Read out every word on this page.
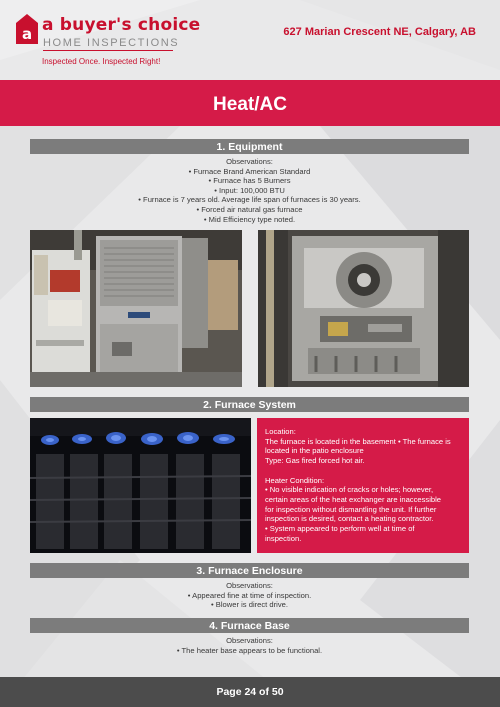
a a buyer's choice
HOME INSPECTIONS
Inspected Once. Inspected Right!
627 Marian Crescent NE, Calgary, AB
Heat/AC
1. Equipment
Observations:
• Furnace Brand American Standard
• Furnace has 5 Burners
• Input: 100,000 BTU
• Furnace is 7 years old. Average life span of furnaces is 30 years.
• Forced air natural gas furnace
• Mid Efficiency type noted.
2. Furnace System
Location:
The furnace is located in the basement • The furnace is
located in the patio enclosure
Type: Gas fired forced hot air.
Heater Condition:
• No visible indication of cracks or holes; however,
certain areas of the heat exchanger are inaccessible
for inspection without dismantling the unit. If further
inspection is desired, contact a heating contractor.
• System appeared to perform well at time of
inspection.
3. Furnace Enclosure
Observations:
• Appeared fine at time of inspection.
• Blower is direct drive.
4. Furnace Base
Observations:
• The heater base appears to be functional.
Page 24 of 50
